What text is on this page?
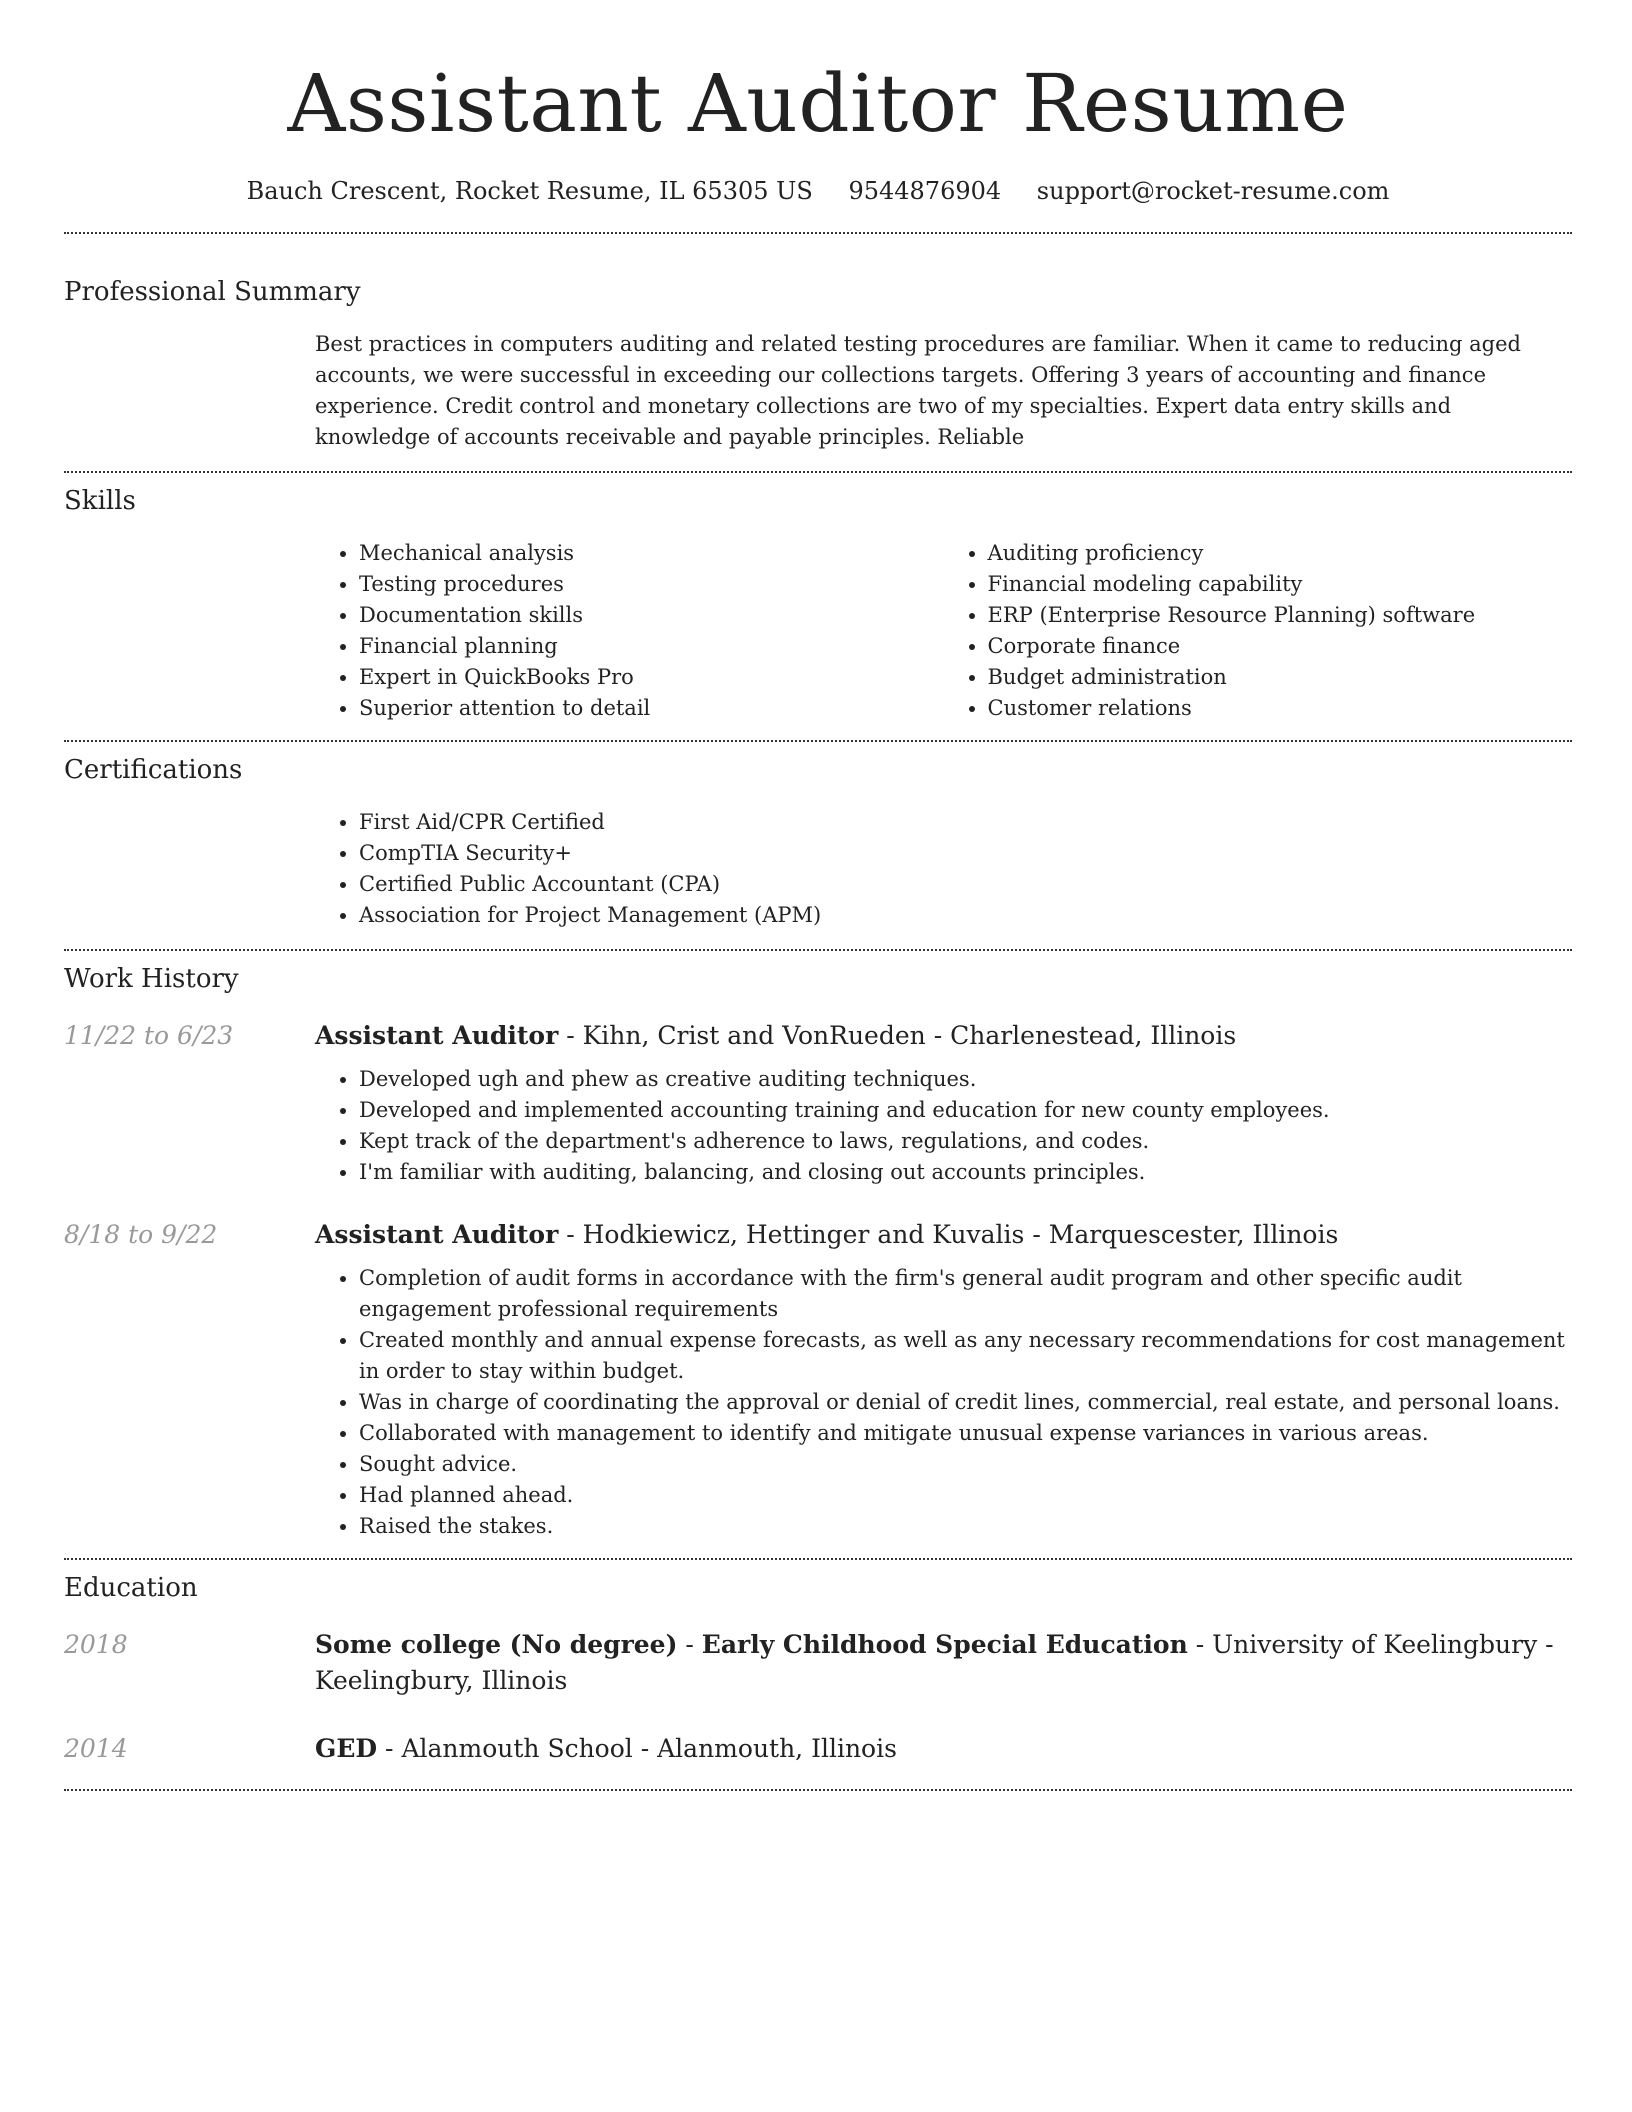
Assistant Auditor Resume
Bauch Crescent, Rocket Resume, IL 65305 US 9544876904 support@rocket-resume.com
Professional Summary

Best practices in computers auditing and related testing procedures are familiar. When it came to reducing aged accounts, we were successful in exceeding our collections targets. Offering 3 years of accounting and finance experience. Credit control and monetary collections are two of my specialties. Expert data entry skills and knowledge of accounts receivable and payable principles. Reliable

Skills
• Mechanical analysis
• Testing procedures
• Documentation skills
• Financial planning
• Expert in QuickBooks Pro
• Superior attention to detail
• Auditing proficiency
• Financial modeling capability
• ERP (Enterprise Resource Planning) software
• Corporate finance
• Budget administration
• Customer relations
Certifications
• First Aid/CPR Certified
• CompTIA Security+
• Certified Public Accountant (CPA)
• Association for Project Management (APM)
Work History
11/22 to 6/23	Assistant Auditor - Kihn, Crist and VonRueden - Charlenestead, Illinois
• Developed ugh and phew as creative auditing techniques.
• Developed and implemented accounting training and education for new county employees.
• Kept track of the department's adherence to laws, regulations, and codes.
• I'm familiar with auditing, balancing, and closing out accounts principles.
8/18 to 9/22	Assistant Auditor - Hodkiewicz, Hettinger and Kuvalis - Marquescester, Illinois
• Completion of audit forms in accordance with the firm's general audit program and other specific audit engagement professional requirements
• Created monthly and annual expense forecasts, as well as any necessary recommendations for cost management in order to stay within budget.
• Was in charge of coordinating the approval or denial of credit lines, commercial, real estate, and personal loans.
• Collaborated with management to identify and mitigate unusual expense variances in various areas.
• Sought advice.
• Had planned ahead.
• Raised the stakes.
Education
2018	Some college (No degree) - Early Childhood Special Education - University of Keelingbury - Keelingbury, Illinois
2014	GED - Alanmouth School - Alanmouth, Illinois
